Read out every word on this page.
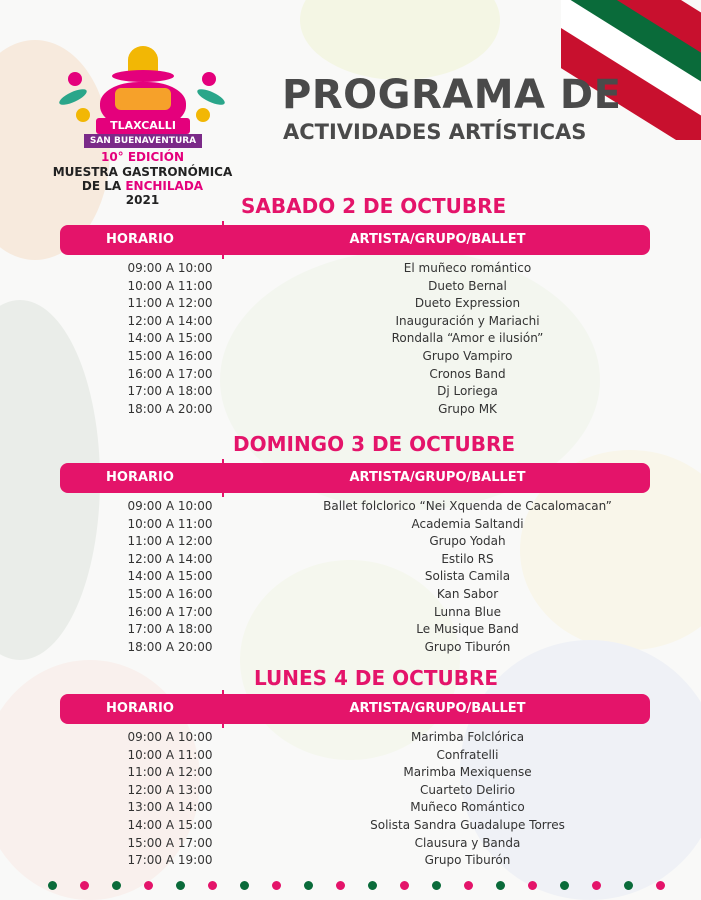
TLAXCALLI
SAN BUENAVENTURA
10° EDICIÓN
MUESTRA GASTRONÓMICA
DE LA ENCHILADA
2021
PROGRAMA DE
ACTIVIDADES ARTÍSTICAS
SABADO 2 DE OCTUBRE
HORARIO	ARTISTA/GRUPO/BALLET
09:00 A 10:00	El muñeco romántico
10:00 A 11:00	Dueto Bernal
11:00 A 12:00	Dueto Expression
12:00 A 14:00	Inauguración y Mariachi
14:00 A 15:00	Rondalla “Amor e ilusión”
15:00 A 16:00	Grupo Vampiro
16:00 A 17:00	Cronos Band
17:00 A 18:00	Dj Loriega
18:00 A 20:00	Grupo MK
DOMINGO 3 DE OCTUBRE
HORARIO	ARTISTA/GRUPO/BALLET
09:00 A 10:00	Ballet folclorico “Nei Xquenda de Cacalomacan”
10:00 A 11:00	Academia Saltandi
11:00 A 12:00	Grupo Yodah
12:00 A 14:00	Estilo RS
14:00 A 15:00	Solista Camila
15:00 A 16:00	Kan Sabor
16:00 A 17:00	Lunna Blue
17:00 A 18:00	Le Musique Band
18:00 A 20:00	Grupo Tiburón
LUNES 4 DE OCTUBRE
HORARIO	ARTISTA/GRUPO/BALLET
09:00 A 10:00	Marimba Folclórica
10:00 A 11:00	Confratelli
11:00 A 12:00	Marimba Mexiquense
12:00 A 13:00	Cuarteto Delirio
13:00 A 14:00	Muñeco Romántico
14:00 A 15:00	Solista Sandra Guadalupe Torres
15:00 A 17:00	Clausura y Banda
17:00 A 19:00	Grupo Tiburón
